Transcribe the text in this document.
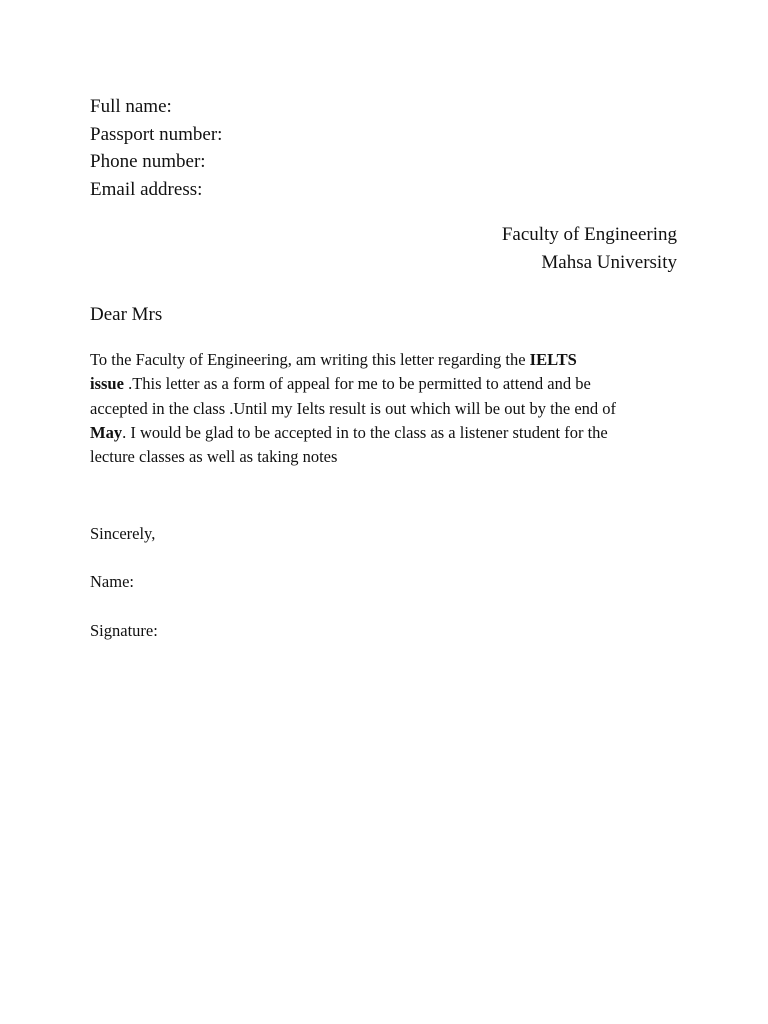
Full name:
Passport number:
Phone number:
Email address:
Faculty of Engineering
Mahsa University
Dear Mrs
To the Faculty of Engineering, am writing this letter regarding the IELTS
issue .This letter as a form of appeal for me to be permitted to attend and be
accepted in the class .Until my Ielts result is out which will be out by the end of
May. I would be glad to be accepted in to the class as a listener student for the
lecture classes as well as taking notes
Sincerely,
Name:
Signature:
